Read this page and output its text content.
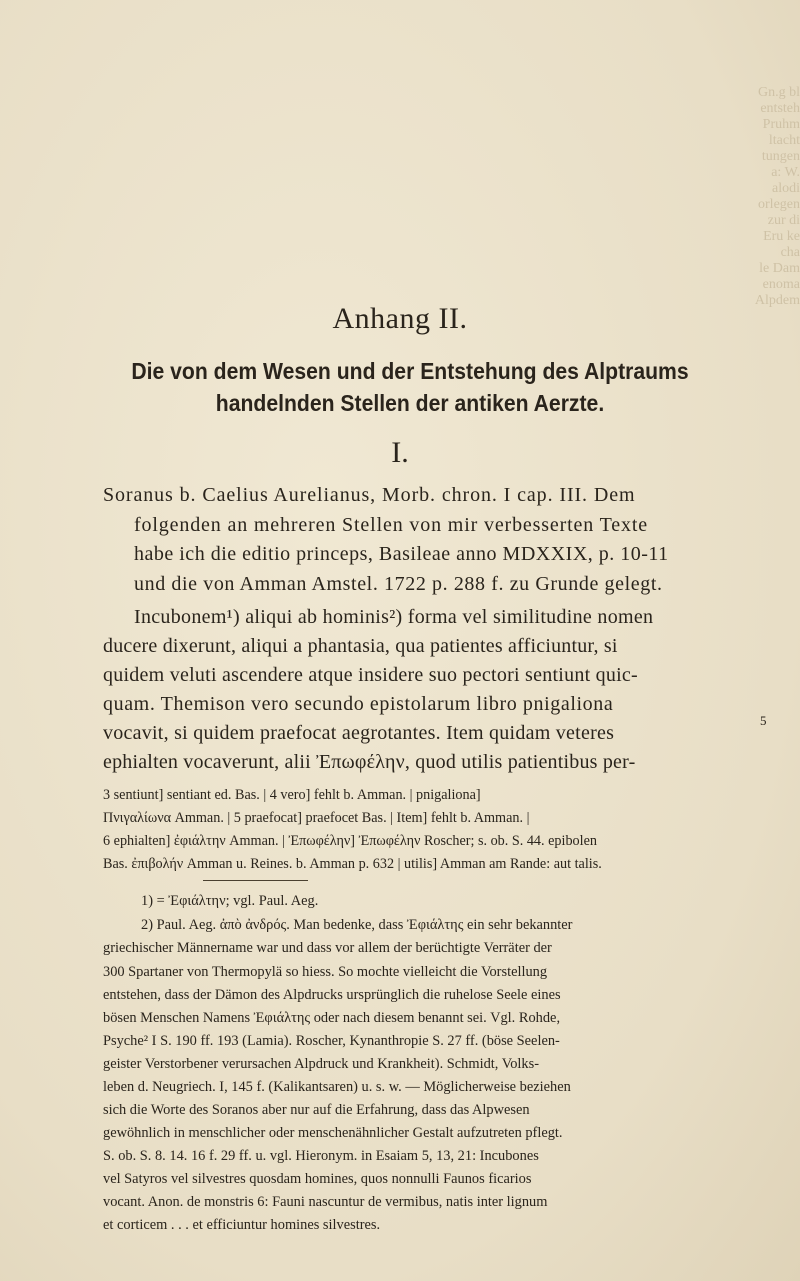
Gn.g bl
entsteh
Pruhm
ltacht
tungen
a: W.
alodi
orlegen
zur di
Eru ke
cha
le Dam
enoma
Alpdem
Anhang II.
Die von dem Wesen und der Entstehung des Alptraums
handelnden Stellen der antiken Aerzte.
I.
Soranus b. Caelius Aurelianus, Morb. chron. I cap. III. Dem
folgenden an mehreren Stellen von mir verbesserten Texte
habe ich die editio princeps, Basileae anno MDXXIX, p. 10-11
und die von Amman Amstel. 1722 p. 288 f. zu Grunde gelegt.
Incubonem¹) aliqui ab hominis²) forma vel similitudine nomen
ducere dixerunt, aliqui a phantasia, qua patientes afficiuntur, si
quidem veluti ascendere atque insidere suo pectori sentiunt quic-
quam. Themison vero secundo epistolarum libro pnigaliona
vocavit, si quidem praefocat aegrotantes. Item quidam veteres
ephialten vocaverunt, alii Ἐπωφέλην, quod utilis patientibus per-
5
3 sentiunt] sentiant ed. Bas. | 4 vero] fehlt b. Amman. | pnigaliona]
Πνιγαλίωνα Amman. | 5 praefocat] praefocet Bas. | Item] fehlt b. Amman. |
6 ephialten] ἐφιάλτην Amman. | Ἐπωφέλην] Ἐπωφέλην Roscher; s. ob. S. 44. epibolen
Bas. ἐπιβολήν Amman u. Reines. b. Amman p. 632 | utilis] Amman am Rande: aut talis.
1) = Ἐφιάλτην; vgl. Paul. Aeg.
2) Paul. Aeg. ἀπὸ ἀνδρός. Man bedenke, dass Ἐφιάλτης ein sehr bekannter
griechischer Männername war und dass vor allem der berüchtigte Verräter der
300 Spartaner von Thermopylä so hiess. So mochte vielleicht die Vorstellung
entstehen, dass der Dämon des Alpdrucks ursprünglich die ruhelose Seele eines
bösen Menschen Namens Ἐφιάλτης oder nach diesem benannt sei. Vgl. Rohde,
Psyche² I S. 190 ff. 193 (Lamia). Roscher, Kynanthropie S. 27 ff. (böse Seelen-
geister Verstorbener verursachen Alpdruck und Krankheit). Schmidt, Volks-
leben d. Neugriech. I, 145 f. (Kalikantsaren) u. s. w. — Möglicherweise beziehen
sich die Worte des Soranos aber nur auf die Erfahrung, dass das Alpwesen
gewöhnlich in menschlicher oder menschenähnlicher Gestalt aufzutreten pflegt.
S. ob. S. 8. 14. 16 f. 29 ff. u. vgl. Hieronym. in Esaiam 5, 13, 21: Incubones
vel Satyros vel silvestres quosdam homines, quos nonnulli Faunos ficarios
vocant. Anon. de monstris 6: Fauni nascuntur de vermibus, natis inter lignum
et corticem . . . et efficiuntur homines silvestres.
